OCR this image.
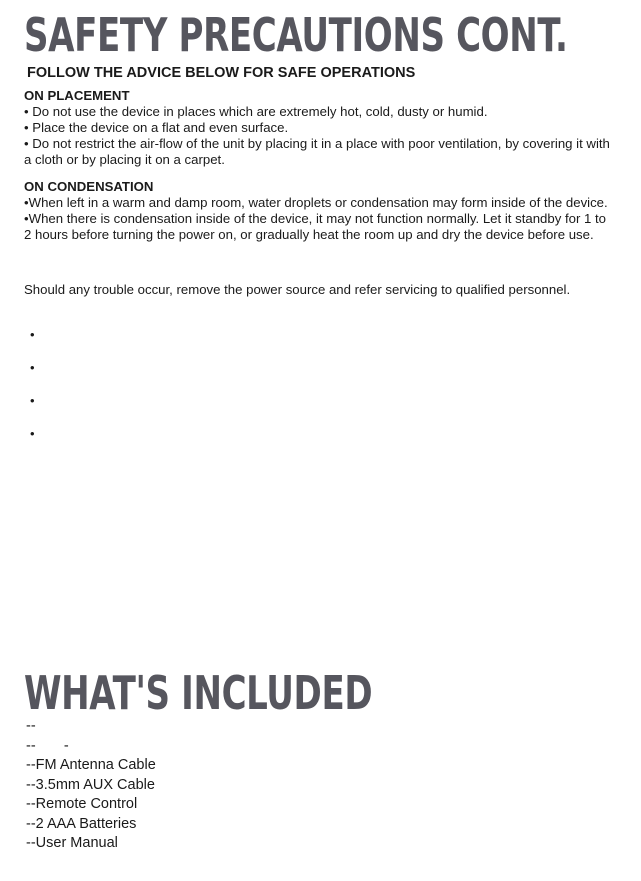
SAFETY PRECAUTIONS CONT.
FOLLOW THE ADVICE BELOW FOR SAFE OPERATIONS
ON PLACEMENT

• Do not use the device in places which are extremely hot, cold, dusty or humid.

• Place the device on a flat and even surface.

• Do not restrict the air-flow of the unit by placing it in a place with poor ventilation, by covering it with a cloth or by placing it on a carpet.

ON CONDENSATION

•When left in a warm and damp room, water droplets or condensation may form inside of the device.

•When there is condensation inside of the device, it may not function normally. Let it standby for 1 to 2 hours before turning the power on, or gradually heat the room up and dry the device before use.

Should any trouble occur, remove the power source and refer servicing to qualified personnel.
•
•
•
•
WHAT'S INCLUDED
--
--       -
--FM Antenna Cable
--3.5mm AUX Cable
--Remote Control
--2 AAA Batteries
--User Manual
